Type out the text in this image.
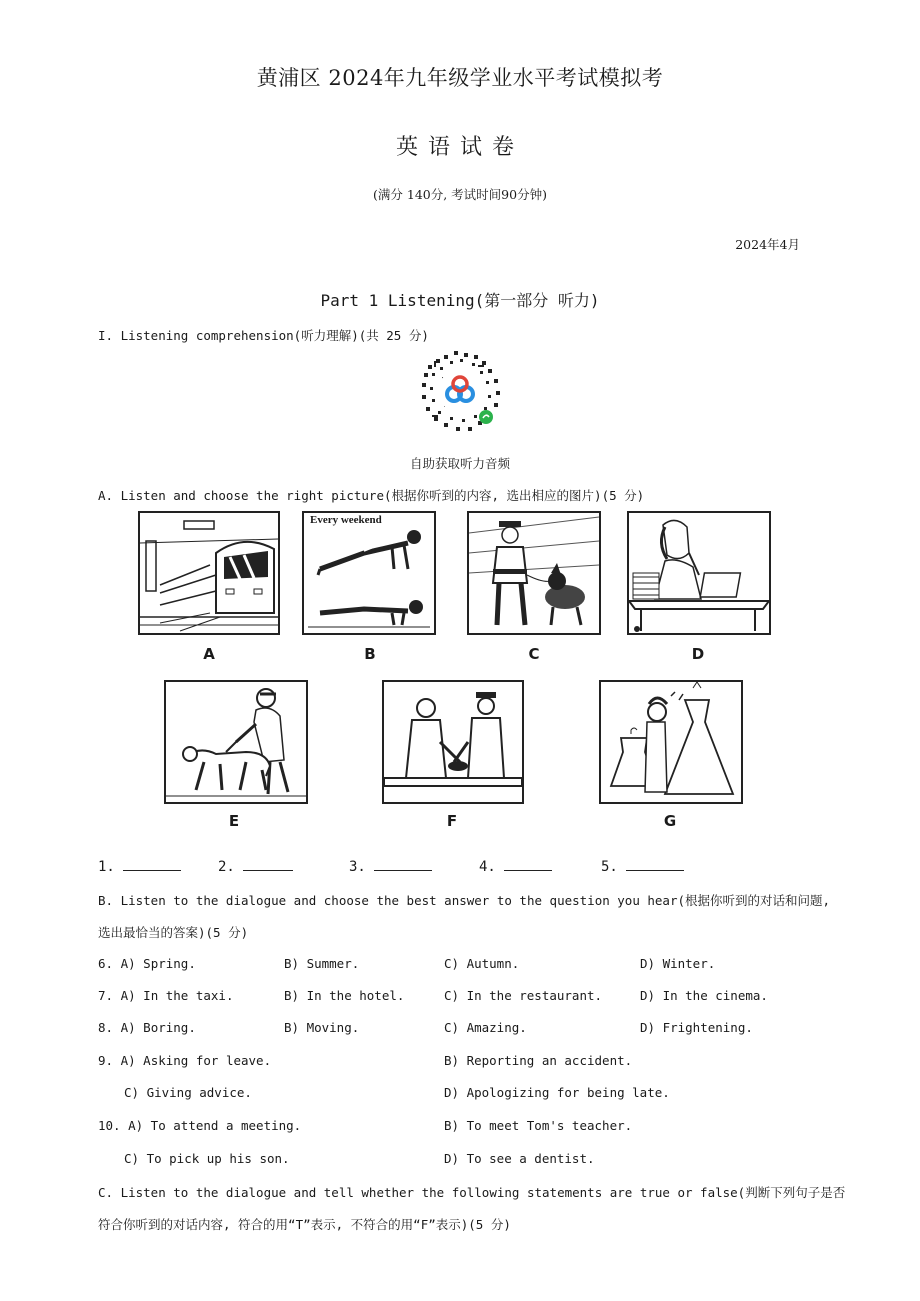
黄浦区 2024年九年级学业水平考试模拟考
英语试卷
(满分 140分, 考试时间90分钟)
2024年4月
Part 1 Listening(第一部分 听力)
I. Listening comprehension(听力理解)(共 25 分)
自助获取听力音频
A. Listen and choose the right picture(根据你听到的内容, 选出相应的图片)(5 分)
A
Every weekend
B	C	D
E	F	G
1.	2.	3.	4.	5.
B. Listen to the dialogue and choose the best answer to the question you hear(根据你听到的对话和问题,
选出最恰当的答案)(5 分)
6. A) Spring.	B) Summer.	C) Autumn.	D) Winter.
7. A) In the taxi.	B) In the hotel.	C) In the restaurant.	D) In the cinema.
8. A) Boring.	B) Moving.	C) Amazing.	D) Frightening.
9. A) Asking for leave.	B) Reporting an accident.
C) Giving advice.	D) Apologizing for being late.
10. A) To attend a meeting.	B) To meet Tom's teacher.
C) To pick up his son.	D) To see a dentist.
C. Listen to the dialogue and tell whether the following statements are true or false(判断下列句子是否
符合你听到的对话内容, 符合的用“T”表示, 不符合的用“F”表示)(5 分)
